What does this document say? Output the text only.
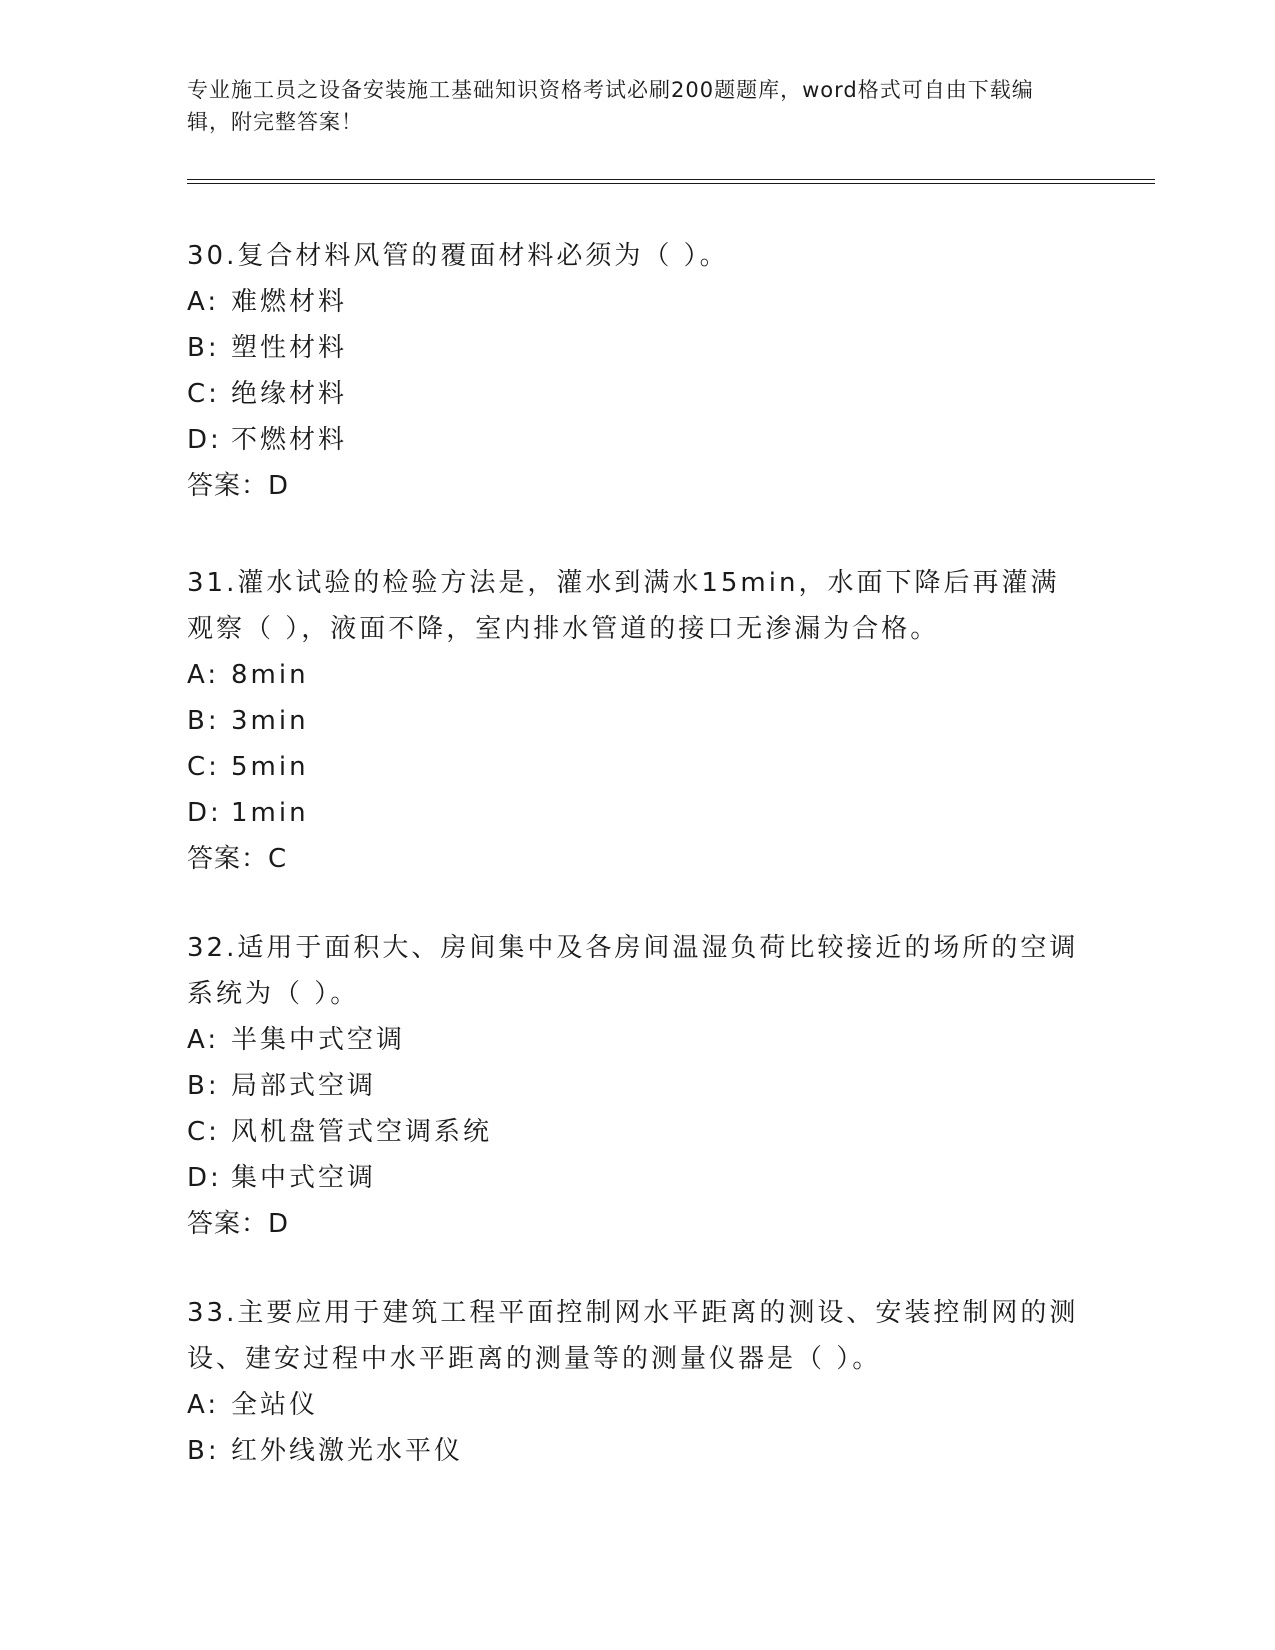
专业施工员之设备安装施工基础知识资格考试必刷200题题库，word格式可自由下载编辑，附完整答案！

30.复合材料风管的覆面材料必须为（ ）。

A: 难燃材料

B: 塑性材料

C: 绝缘材料

D: 不燃材料

答案：D

31.灌水试验的检验方法是，灌水到满水15min，水面下降后再灌满观察（ ），液面不降，室内排水管道的接口无渗漏为合格。

A: 8min

B: 3min

C: 5min

D: 1min

答案：C

32.适用于面积大、房间集中及各房间温湿负荷比较接近的场所的空调系统为（ ）。

A: 半集中式空调

B: 局部式空调

C: 风机盘管式空调系统

D: 集中式空调

答案：D

33.主要应用于建筑工程平面控制网水平距离的测设、安装控制网的测设、建安过程中水平距离的测量等的测量仪器是（ ）。

A: 全站仪

B: 红外线激光水平仪
